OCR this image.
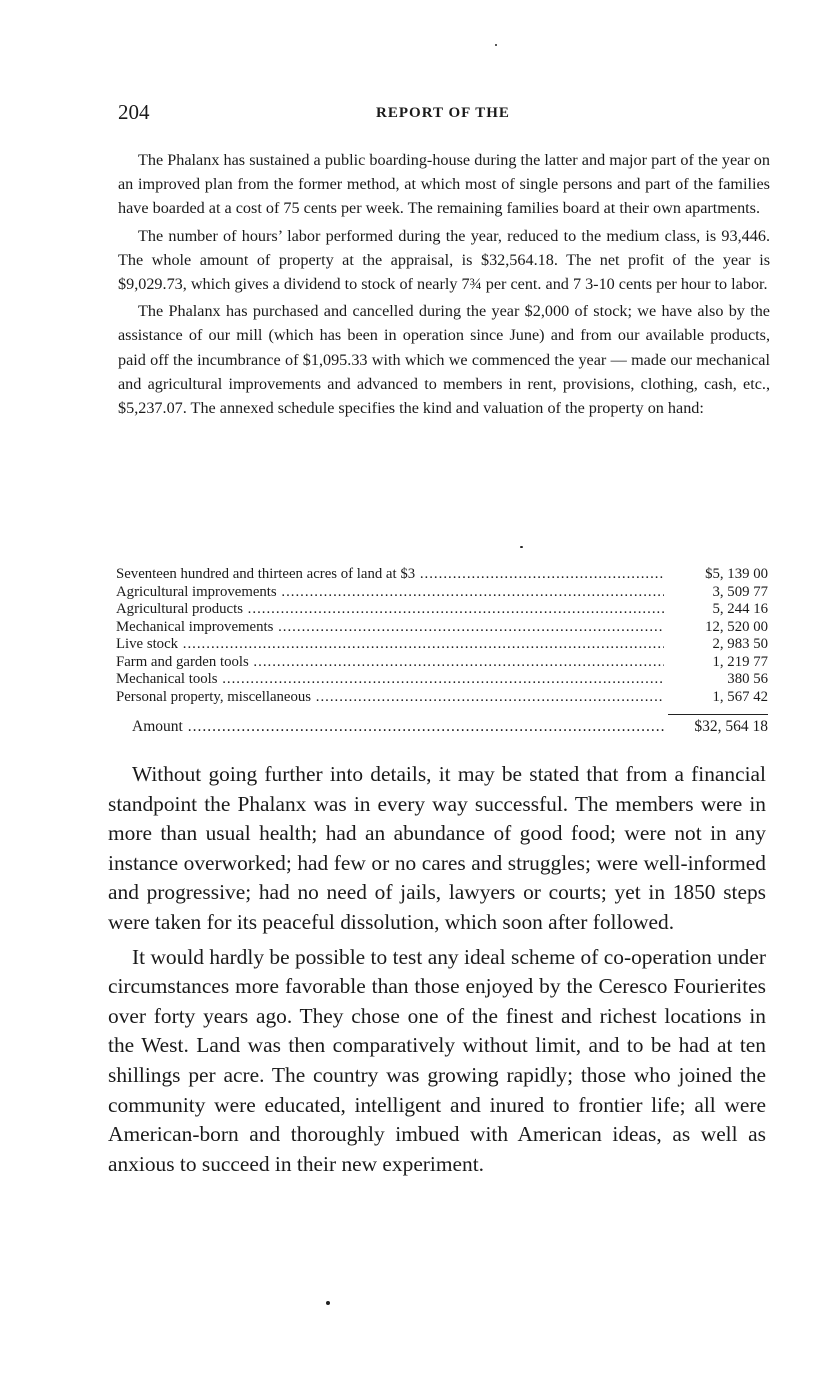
204	REPORT OF THE

The Phalanx has sustained a public boarding-house during the latter and major part of the year on an improved plan from the former method, at which most of single persons and part of the families have boarded at a cost of 75 cents per week. The remaining families board at their own apartments.

The number of hours’ labor performed during the year, reduced to the medium class, is 93,446. The whole amount of property at the appraisal, is $32,564.18. The net profit of the year is $9,029.73, which gives a dividend to stock of nearly 7¾ per cent. and 7 3-10 cents per hour to labor.

The Phalanx has purchased and cancelled during the year $2,000 of stock; we have also by the assistance of our mill (which has been in operation since June) and from our available products, paid off the incumbrance of $1,095.33 with which we commenced the year — made our mechanical and agricultural improvements and advanced to members in rent, provisions, clothing, cash, etc., $5,237.07. The annexed schedule specifies the kind and valuation of the property on hand:

Seventeen hundred and thirteen acres of land at $3 .....	$5, 139 00
Agricultural improvements .....	3, 509 77
Agricultural products .....	5, 244 16
Mechanical improvements .....	12, 520 00
Live stock .....	2, 983 50
Farm and garden tools .....	1, 219 77
Mechanical tools .....	380 56
Personal property, miscellaneous .....	1, 567 42
Amount .....	$32, 564 18

Without going further into details, it may be stated that from a financial standpoint the Phalanx was in every way successful. The members were in more than usual health; had an abundance of good food; were not in any instance overworked; had few or no cares and struggles; were well-informed and progressive; had no need of jails, lawyers or courts; yet in 1850 steps were taken for its peaceful dissolution, which soon after followed.

It would hardly be possible to test any ideal scheme of co-operation under circumstances more favorable than those enjoyed by the Ceresco Fourierites over forty years ago. They chose one of the finest and richest locations in the West. Land was then comparatively without limit, and to be had at ten shillings per acre. The country was growing rapidly; those who joined the community were educated, intelligent and inured to frontier life; all were American-born and thoroughly imbued with American ideas, as well as anxious to succeed in their new experiment.
